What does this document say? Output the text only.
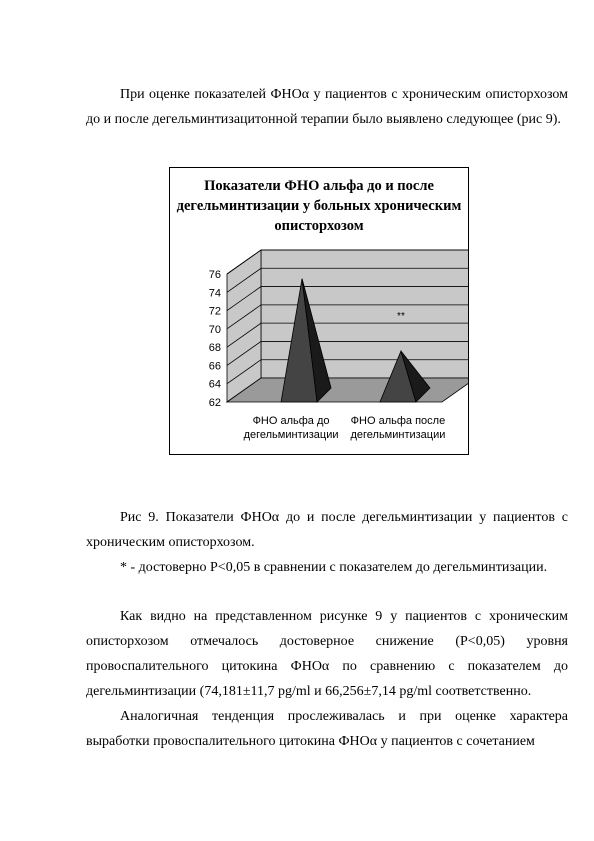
При оценке показателей ФНОα у пациентов с хроническим описторхозом до и после дегельминтизацитонной терапии было выявлено следующее (рис 9).

Показатели ФНО альфа до и после дегельминтизации у больных хроническим описторхозом
62
64
66
68
70
72
74
76
**
ФНО альфа до
дегельминтизации
ФНО альфа после
дегельминтизации

Рис 9. Показатели ФНОα до и после дегельминтизации у пациентов с хроническим описторхозом.

* - достоверно Р<0,05 в сравнении с показателем до дегельминтизации.

Как видно на представленном рисунке 9 у пациентов с хроническим описторхозом отмечалось достоверное снижение (Р<0,05) уровня провоспалительного цитокина ФНОα по сравнению с показателем до дегельминтизации (74,181±11,7 pg/ml и 66,256±7,14 pg/ml соответственно.

Аналогичная тенденция прослеживалась и при оценке характера выработки провоспалительного цитокина ФНОα у пациентов с сочетанием
